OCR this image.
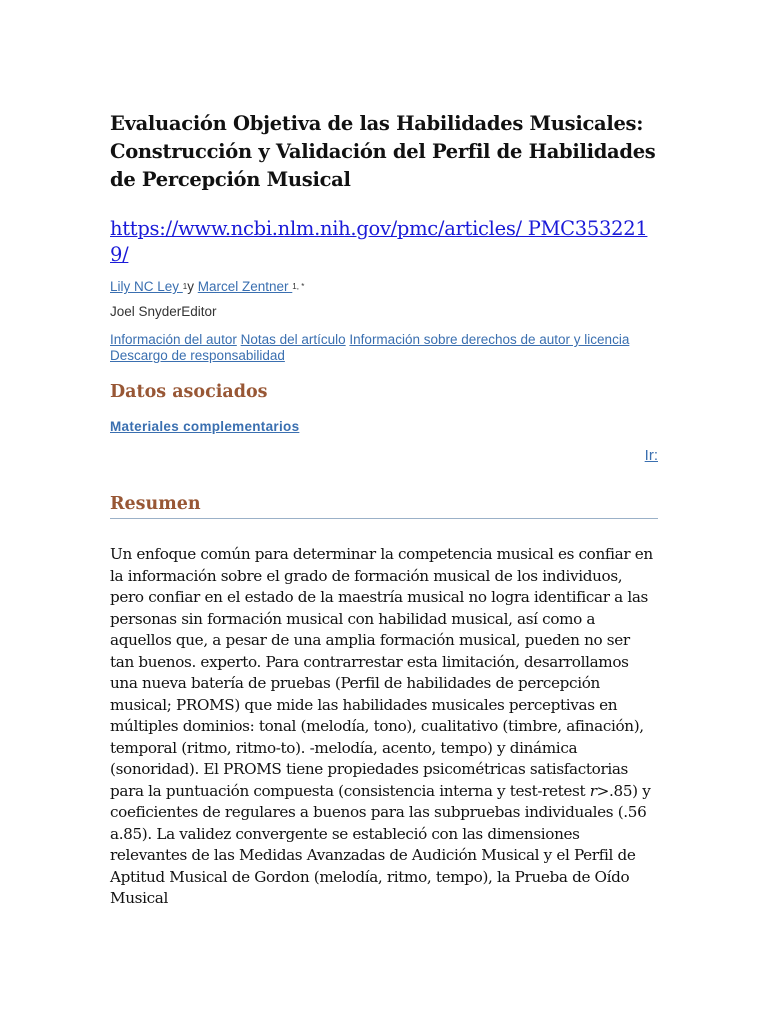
Evaluación Objetiva de las Habilidades Musicales: Construcción y Validación del Perfil de Habilidades de Percepción Musical
https://www.ncbi.nlm.nih.gov/pmc/articles/ PMC3532219/
Lily NC Ley $^1$y Marcel Zentner $^{1, *}$
Joel SnyderEditor
Información del autor Notas del artículo Información sobre derechos de autor y licencia Descargo de responsabilidad
Datos asociados
Materiales complementarios
Ir:
Resumen

Un enfoque común para determinar la competencia musical es confiar en la información sobre el grado de formación musical de los individuos, pero confiar en el estado de la maestría musical no logra identificar a las personas sin formación musical con habilidad musical, así como a aquellos que, a pesar de una amplia formación musical, pueden no ser tan buenos. experto. Para contrarrestar esta limitación, desarrollamos una nueva batería de pruebas (Perfil de habilidades de percepción musical; PROMS) que mide las habilidades musicales perceptivas en múltiples dominios: tonal (melodía, tono), cualitativo (timbre, afinación), temporal (ritmo, ritmo-to). -melodía, acento, tempo) y dinámica (sonoridad). El PROMS tiene propiedades psicométricas satisfactorias para la puntuación compuesta (consistencia interna y test-retest r>.85) y coeficientes de regulares a buenos para las subpruebas individuales (.56 a.85). La validez convergente se estableció con las dimensiones relevantes de las Medidas Avanzadas de Audición Musical y el Perfil de Aptitud Musical de Gordon (melodía, ritmo, tempo), la Prueba de Oído Musical
